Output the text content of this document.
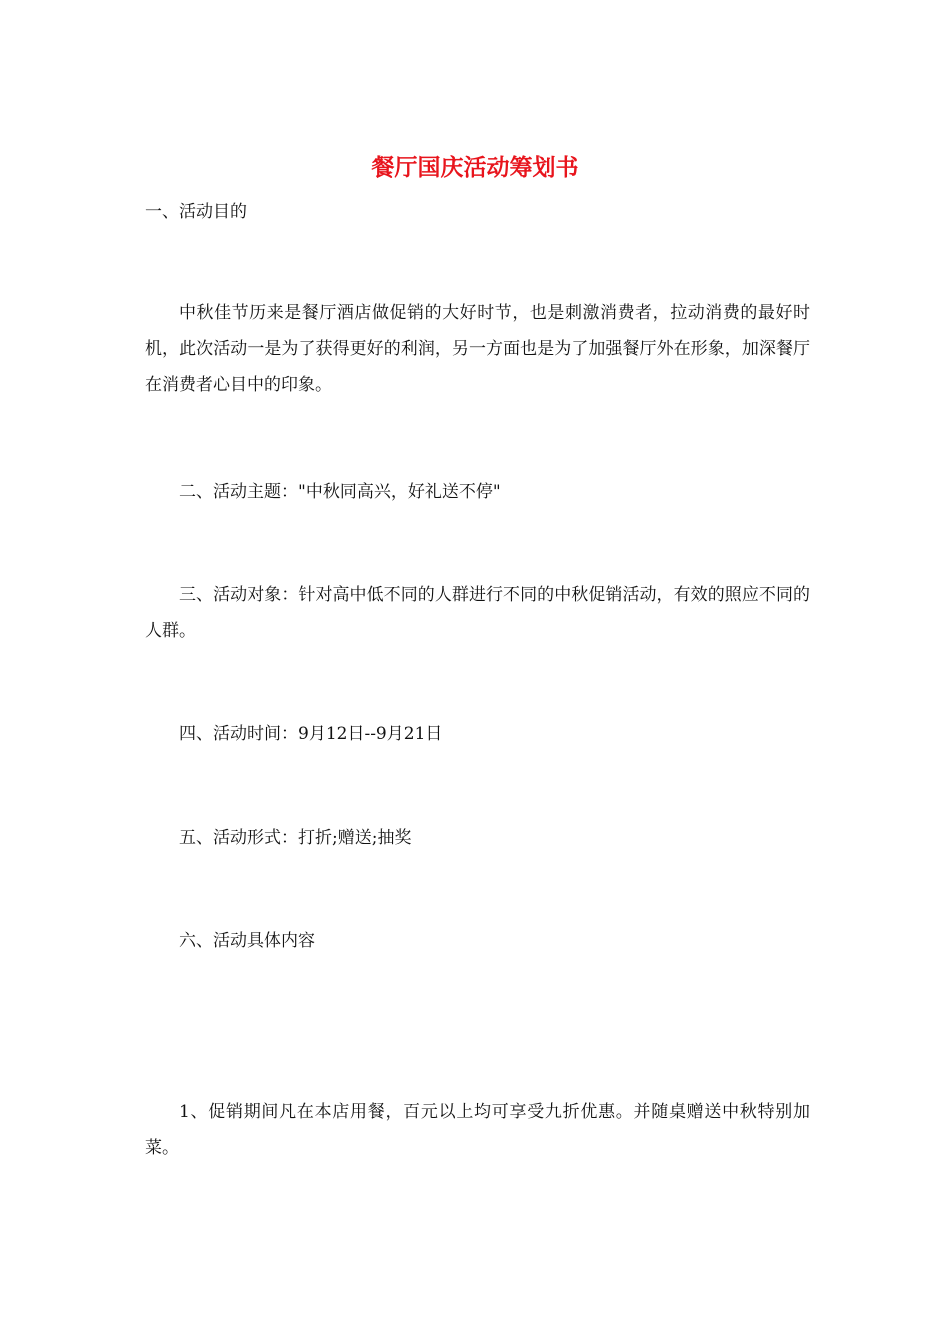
餐厅国庆活动筹划书

一、活动目的

中秋佳节历来是餐厅酒店做促销的大好时节，也是刺激消费者，拉动消费的最好时机，此次活动一是为了获得更好的利润，另一方面也是为了加强餐厅外在形象，加深餐厅在消费者心目中的印象。

二、活动主题："中秋同高兴，好礼送不停"

三、活动对象：针对高中低不同的人群进行不同的中秋促销活动，有效的照应不同的人群。

四、活动时间：9月12日--9月21日

五、活动形式：打折;赠送;抽奖

六、活动具体内容

1、促销期间凡在本店用餐，百元以上均可享受九折优惠。并随桌赠送中秋特别加菜。
